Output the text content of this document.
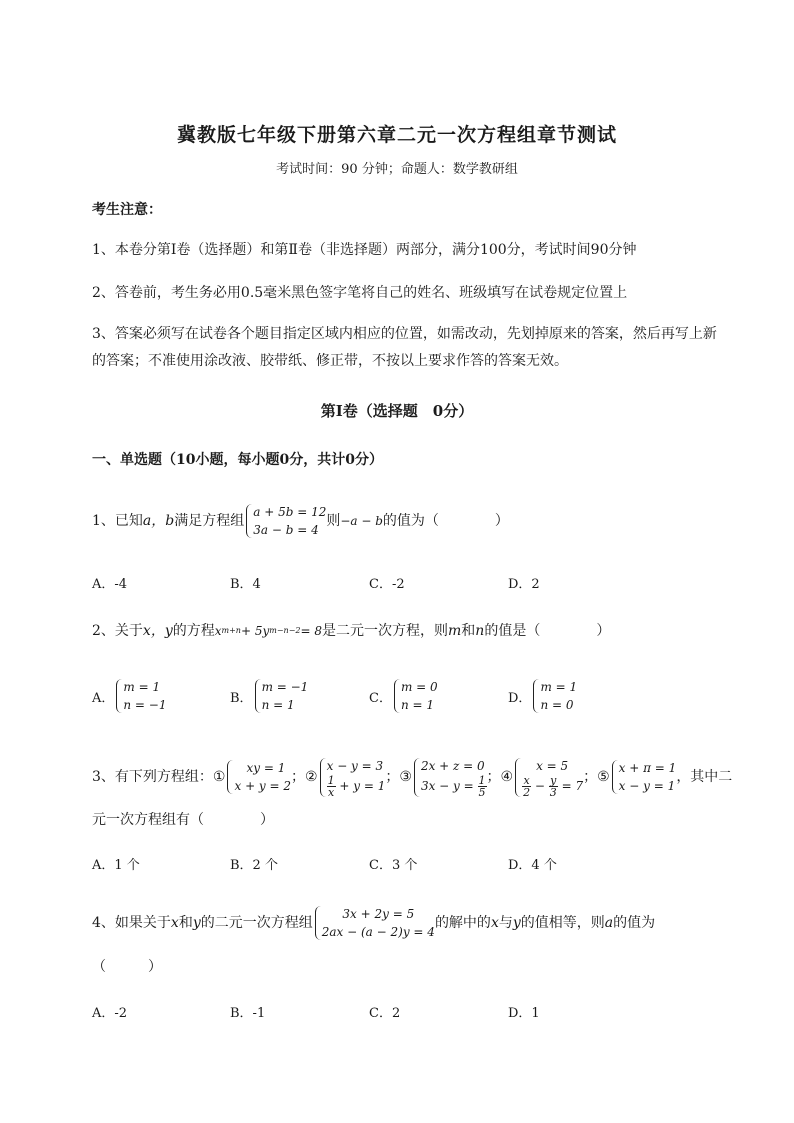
冀教版七年级下册第六章二元一次方程组章节测试
考试时间：90 分钟；命题人：数学教研组
考生注意：
1、本卷分第Ⅰ卷（选择题）和第Ⅱ卷（非选择题）两部分，满分100分，考试时间90分钟
2、答卷前，考生务必用0.5毫米黑色签字笔将自己的姓名、班级填写在试卷规定位置上
3、答案必须写在试卷各个题目指定区域内相应的位置，如需改动，先划掉原来的答案，然后再写上新
的答案；不准使用涂改液、胶带纸、修正带，不按以上要求作答的答案无效。
第Ⅰ卷（选择题　0分）
一、单选题（10小题，每小题0分，共计0分）
1、已知 a，b 满足方程组
a + 5b = 12
3a − b = 4
则 −a − b 的值为（　　　　）
A．-4	B．4	C．-2	D．2
2、关于 x，y 的方程 x m+n + 5y m−n−2 = 8 是二元一次方程，则 m 和 n 的值是（　　　　）
A．
m = 1
n = −1	B．
m = −1
n = 1	C．
m = 0
n = 1	D．
m = 1
n = 0
3、有下列方程组： ①
xy = 1
x + y = 2
； ②
x − y = 3
$\frac{1}{x} + y = 1$
； ③
2x + z = 0
$3x - y = \frac{1}{5}$ ； ④
x = 5
$\frac{x}{2} - \frac{y}{3} = 7$
； ⑤
x + π = 1
x − y = 1
，其中二
元一次方程组有（　　　　）
A．1 个	B．2 个	C．3 个	D．4 个
4、如果关于 x 和 y 的二元一次方程组
3x + 2y = 5
2ax − (a − 2)y = 4
的解中的 x 与 y 的值相等，则 a 的值为
（　　　）
A．-2	B．-1	C．2	D．1
